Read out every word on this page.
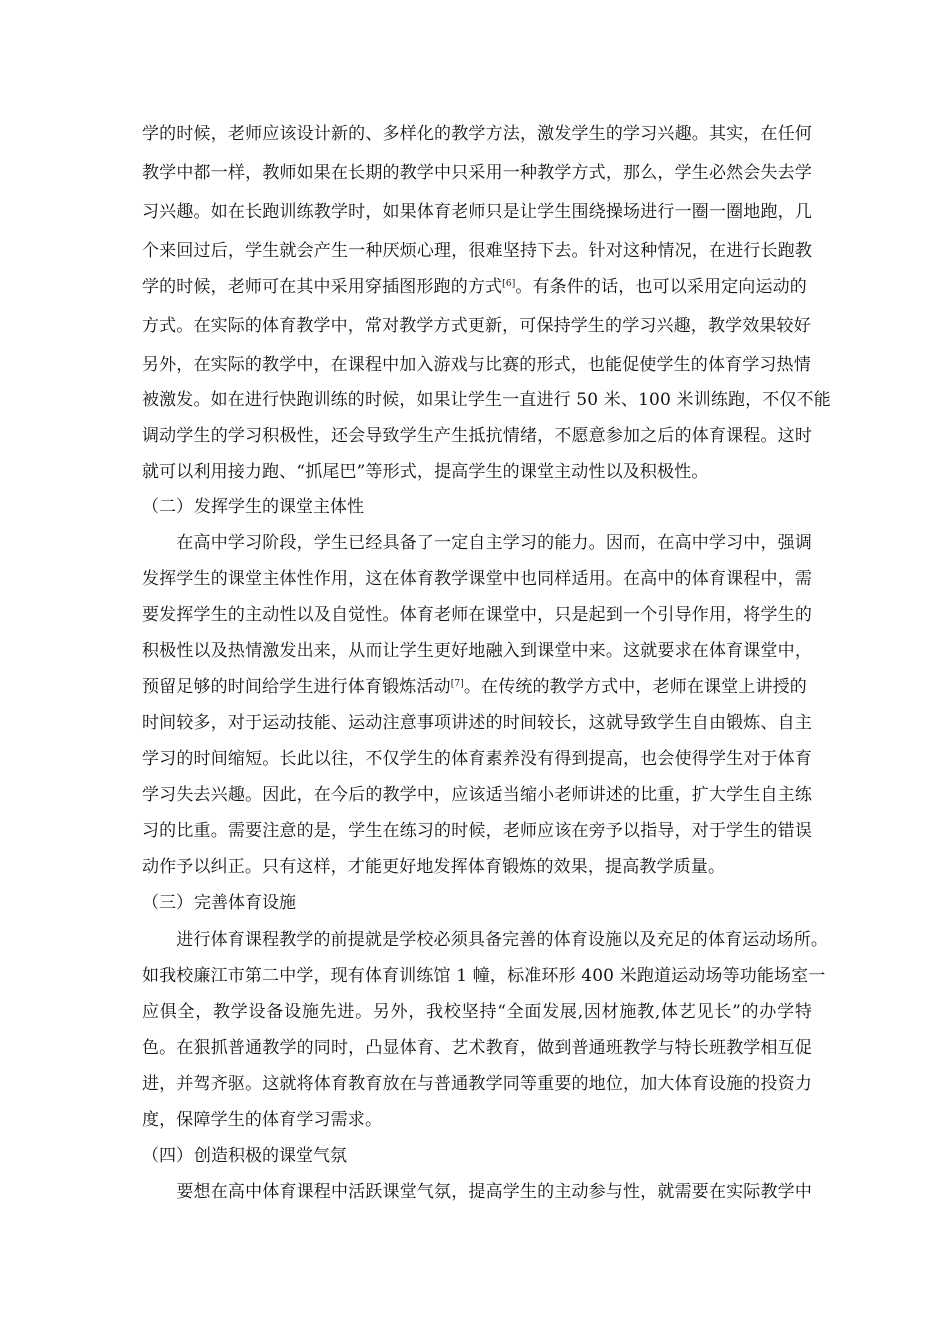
学的时候，老师应该设计新的、多样化的教学方法，激发学生的学习兴趣。其实，在任何
教学中都一样，教师如果在长期的教学中只采用一种教学方式，那么，学生必然会失去学
习兴趣。如在长跑训练教学时，如果体育老师只是让学生围绕操场进行一圈一圈地跑，几
个来回过后，学生就会产生一种厌烦心理，很难坚持下去。针对这种情况，在进行长跑教
学的时候，老师可在其中采用穿插图形跑的方式[6]。有条件的话，也可以采用定向运动的
方式。在实际的体育教学中，常对教学方式更新，可保持学生的学习兴趣，教学效果较好
另外，在实际的教学中，在课程中加入游戏与比赛的形式，也能促使学生的体育学习热情
被激发。如在进行快跑训练的时候，如果让学生一直进行 50 米、100 米训练跑，不仅不能
调动学生的学习积极性，还会导致学生产生抵抗情绪，不愿意参加之后的体育课程。这时
就可以利用接力跑、“抓尾巴”等形式，提高学生的课堂主动性以及积极性。
（二）发挥学生的课堂主体性
　　在高中学习阶段，学生已经具备了一定自主学习的能力。因而，在高中学习中，强调
发挥学生的课堂主体性作用，这在体育教学课堂中也同样适用。在高中的体育课程中，需
要发挥学生的主动性以及自觉性。体育老师在课堂中，只是起到一个引导作用，将学生的
积极性以及热情激发出来，从而让学生更好地融入到课堂中来。这就要求在体育课堂中，
预留足够的时间给学生进行体育锻炼活动[7]。在传统的教学方式中，老师在课堂上讲授的
时间较多，对于运动技能、运动注意事项讲述的时间较长，这就导致学生自由锻炼、自主
学习的时间缩短。长此以往，不仅学生的体育素养没有得到提高，也会使得学生对于体育
学习失去兴趣。因此，在今后的教学中，应该适当缩小老师讲述的比重，扩大学生自主练
习的比重。需要注意的是，学生在练习的时候，老师应该在旁予以指导，对于学生的错误
动作予以纠正。只有这样，才能更好地发挥体育锻炼的效果，提高教学质量。
（三）完善体育设施
　　进行体育课程教学的前提就是学校必须具备完善的体育设施以及充足的体育运动场所。
如我校廉江市第二中学，现有体育训练馆 1 幢，标准环形 400 米跑道运动场等功能场室一
应俱全，教学设备设施先进。另外，我校坚持“全面发展,因材施教,体艺见长”的办学特
色。在狠抓普通教学的同时，凸显体育、艺术教育，做到普通班教学与特长班教学相互促
进，并驾齐驱。这就将体育教育放在与普通教学同等重要的地位，加大体育设施的投资力
度，保障学生的体育学习需求。
（四）创造积极的课堂气氛
　　要想在高中体育课程中活跃课堂气氛，提高学生的主动参与性，就需要在实际教学中
